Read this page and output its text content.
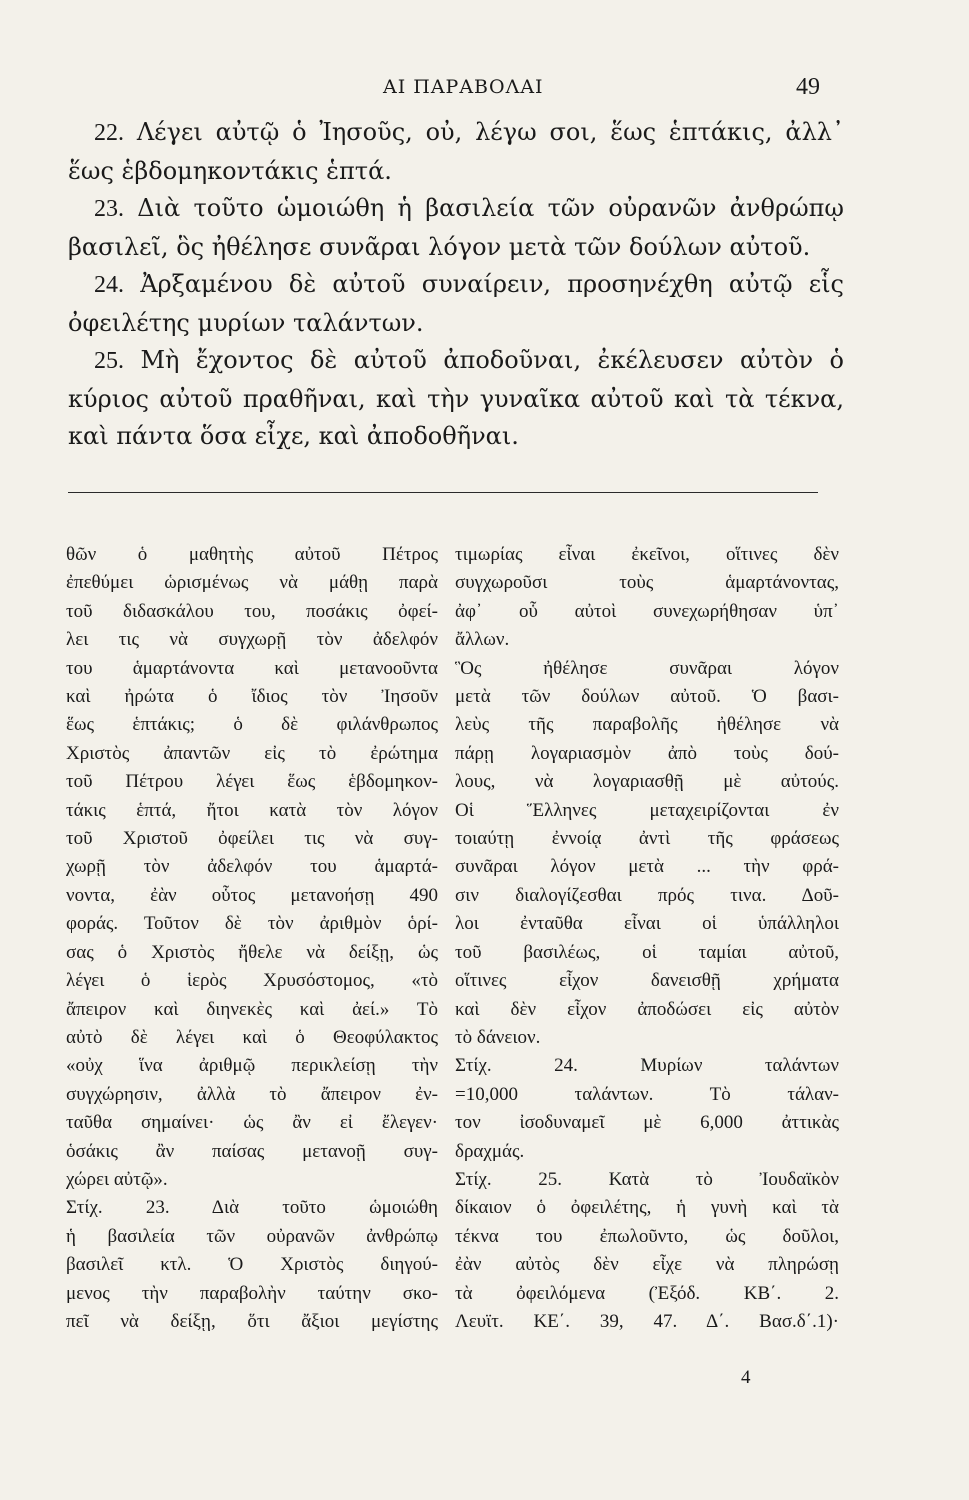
ΑΙ ΠΑΡΑΒΟΛΑΙ	49

22. Λέγει αὐτῷ ὁ Ἰησοῦς, οὐ, λέγω σοι, ἕως ἑπτάκις, ἀλλ᾽ ἕως ἑβδομηκοντάκις ἑπτά.

23. Διὰ τοῦτο ὡμοιώθη ἡ βασιλεία τῶν οὐρανῶν ἀνθρώπῳ βασιλεῖ, ὃς ἠθέλησε συνᾶραι λόγον μετὰ τῶν δούλων αὐτοῦ.

24. Ἀρξαμένου δὲ αὐτοῦ συναίρειν, προσηνέχθη αὐτῷ εἷς ὀφειλέτης μυρίων ταλάντων.

25. Μὴ ἔχοντος δὲ αὐτοῦ ἀποδοῦναι, ἐκέλευσεν αὐτὸν ὁ κύριος αὐτοῦ πραθῆναι, καὶ τὴν γυναῖκα αὐτοῦ καὶ τὰ τέκνα, καὶ πάντα ὅσα εἶχε, καὶ ἀποδοθῆναι.

θῶν ὁ μαθητὴς αὐτοῦ Πέτρος
ἐπεθύμει ὡρισμένως νὰ μάθῃ παρὰ
τοῦ διδασκάλου του, ποσάκις ὀφεί-
λει τις νὰ συγχωρῇ τὸν ἀδελφόν
του ἁμαρτάνοντα καὶ μετανοοῦντα
καὶ ἠρώτα ὁ ἴδιος τὸν Ἰησοῦν
ἕως ἑπτάκις; ὁ δὲ φιλάνθρωπος
Χριστὸς ἀπαντῶν εἰς τὸ ἐρώτημα
τοῦ Πέτρου λέγει ἕως ἑβδομηκον-
τάκις ἑπτά, ἤτοι κατὰ τὸν λόγον
τοῦ Χριστοῦ ὀφείλει τις νὰ συγ-
χωρῇ τὸν ἀδελφόν του ἁμαρτά-
νοντα, ἐὰν οὗτος μετανοήσῃ 490
φοράς. Τοῦτον δὲ τὸν ἀριθμὸν ὁρί-
σας ὁ Χριστὸς ἤθελε νὰ δείξῃ, ὡς
λέγει ὁ ἱερὸς Χρυσόστομος, «τὸ
ἄπειρον καὶ διηνεκὲς καὶ ἀεί.» Τὸ
αὐτὸ δὲ λέγει καὶ ὁ Θεοφύλακτος
«οὐχ ἵνα ἀριθμῷ περικλείσῃ τὴν
συγχώρησιν, ἀλλὰ τὸ ἄπειρον ἐν-
ταῦθα σημαίνει· ὡς ἂν εἰ ἔλεγεν·
ὁσάκις ἂν παίσας μετανοῇ συγ-
χώρει αὐτῷ».
Στίχ. 23. Διὰ τοῦτο ὡμοιώθη
ἡ βασιλεία τῶν οὐρανῶν ἀνθρώπῳ
βασιλεῖ κτλ. Ὁ Χριστὸς διηγού-
μενος τὴν παραβολὴν ταύτην σκο-
πεῖ νὰ δείξῃ, ὅτι ἄξιοι μεγίστης
τιμωρίας εἶναι ἐκεῖνοι, οἵτινες δὲν
συγχωροῦσι τοὺς ἁμαρτάνοντας,
ἀφ᾽ οὗ αὐτοὶ συνεχωρήθησαν ὑπ᾽
ἄλλων.
Ὃς ἠθέλησε συνᾶραι λόγον
μετὰ τῶν δούλων αὐτοῦ. Ὁ βασι-
λεὺς τῆς παραβολῆς ἠθέλησε νὰ
πάρῃ λογαριασμὸν ἀπὸ τοὺς δού-
λους, νὰ λογαριασθῇ μὲ αὐτούς.
Οἱ Ἕλληνες μεταχειρίζονται ἐν
τοιαύτῃ ἐννοίᾳ ἀντὶ τῆς φράσεως
συνᾶραι λόγον μετὰ ... τὴν φρά-
σιν διαλογίζεσθαι πρός τινα. Δοῦ-
λοι ἐνταῦθα εἶναι οἱ ὑπάλληλοι
τοῦ βασιλέως, οἱ ταμίαι αὐτοῦ,
οἵτινες εἶχον δανεισθῇ χρήματα
καὶ δὲν εἶχον ἀποδώσει εἰς αὐτὸν
τὸ δάνειον.
Στίχ. 24. Μυρίων ταλάντων
=10,000 ταλάντων. Τὸ τάλαν-
τον ἰσοδυναμεῖ μὲ 6,000 ἀττικὰς
δραχμάς.
Στίχ. 25. Κατὰ τὸ Ἰουδαϊκὸν
δίκαιον ὁ ὀφειλέτης, ἡ γυνὴ καὶ τὰ
τέκνα του ἐπωλοῦντο, ὡς δοῦλοι,
ἐὰν αὐτὸς δὲν εἶχε νὰ πληρώσῃ
τὰ ὀφειλόμενα (Ἐξόδ. ΚΒ΄. 2.
Λευϊτ. ΚΕ΄. 39, 47. Δ΄. Βασ.δ΄.1)·
4
